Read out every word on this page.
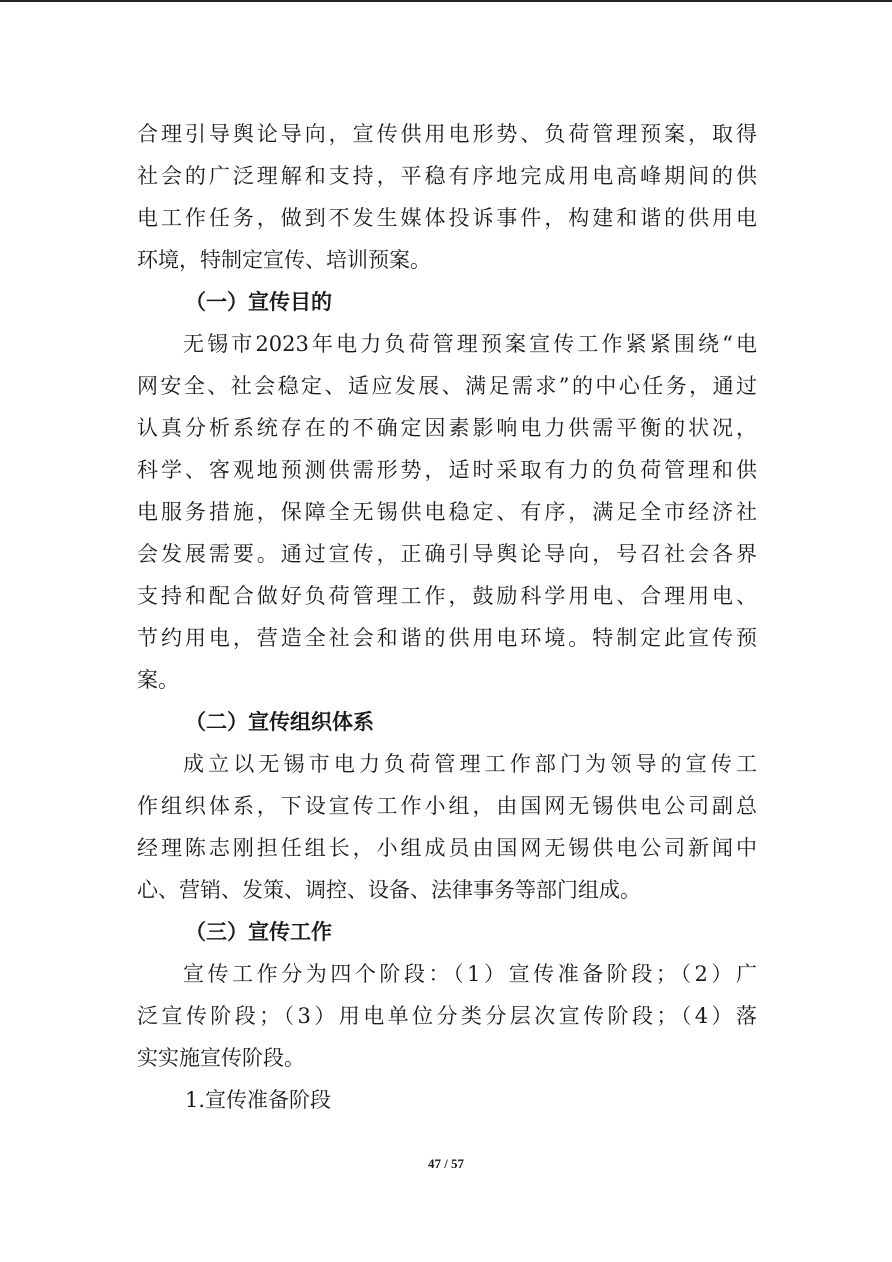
合理引导舆论导向，宣传供用电形势、负荷管理预案，取得
社会的广泛理解和支持，平稳有序地完成用电高峰期间的供
电工作任务，做到不发生媒体投诉事件，构建和谐的供用电
环境，特制定宣传、培训预案。
（一）宣传目的
无锡市2023年电力负荷管理预案宣传工作紧紧围绕“电
网安全、社会稳定、适应发展、满足需求”的中心任务，通过
认真分析系统存在的不确定因素影响电力供需平衡的状况，
科学、客观地预测供需形势，适时采取有力的负荷管理和供
电服务措施，保障全无锡供电稳定、有序，满足全市经济社
会发展需要。通过宣传，正确引导舆论导向，号召社会各界
支持和配合做好负荷管理工作，鼓励科学用电、合理用电、
节约用电，营造全社会和谐的供用电环境。特制定此宣传预
案。
（二）宣传组织体系
成立以无锡市电力负荷管理工作部门为领导的宣传工
作组织体系，下设宣传工作小组，由国网无锡供电公司副总
经理陈志刚担任组长，小组成员由国网无锡供电公司新闻中
心、营销、发策、调控、设备、法律事务等部门组成。
（三）宣传工作
宣传工作分为四个阶段：（1）宣传准备阶段；（2）广
泛宣传阶段；（3）用电单位分类分层次宣传阶段；（4）落
实实施宣传阶段。
1.宣传准备阶段
47 / 57
